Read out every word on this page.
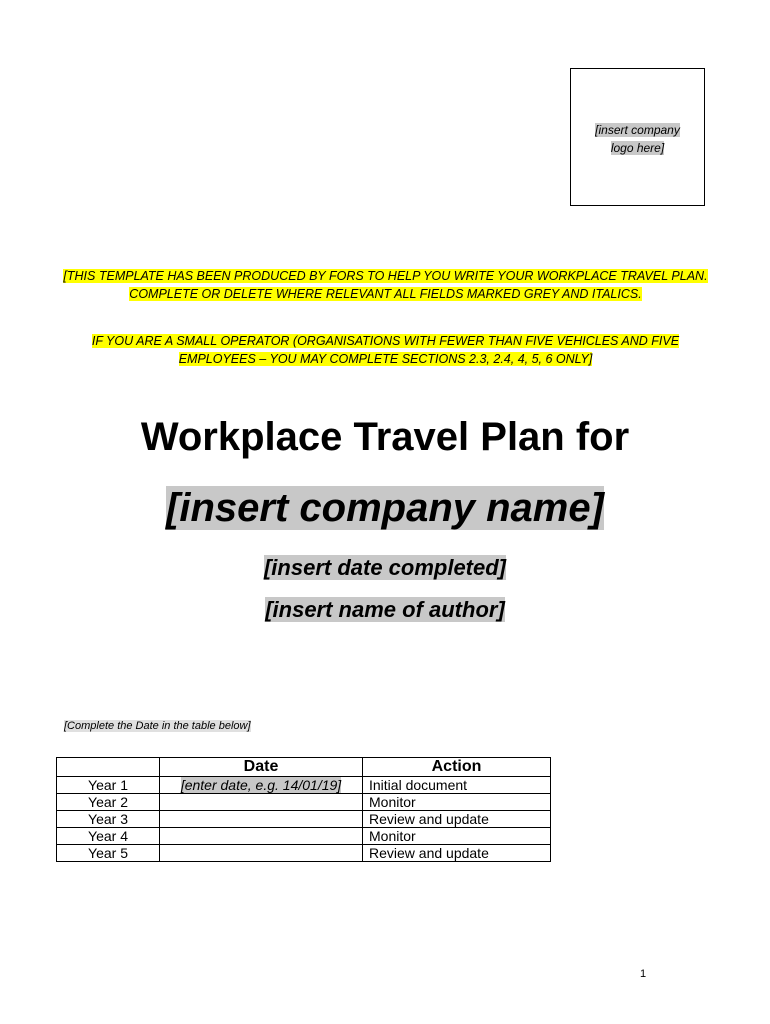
[insert company
logo here]
[THIS TEMPLATE HAS BEEN PRODUCED BY FORS TO HELP YOU WRITE YOUR WORKPLACE TRAVEL PLAN. COMPLETE OR DELETE WHERE RELEVANT ALL FIELDS MARKED GREY AND ITALICS.
IF YOU ARE A SMALL OPERATOR (ORGANISATIONS WITH FEWER THAN FIVE VEHICLES AND FIVE EMPLOYEES – YOU MAY COMPLETE SECTIONS 2.3, 2.4, 4, 5, 6 ONLY]
Workplace Travel Plan for
[insert company name]
[insert date completed]
[insert name of author]
[Complete the Date in the table below]
	Date	Action
Year 1	[enter date, e.g. 14/01/19]	Initial document
Year 2		Monitor
Year 3		Review and update
Year 4		Monitor
Year 5		Review and update
1
